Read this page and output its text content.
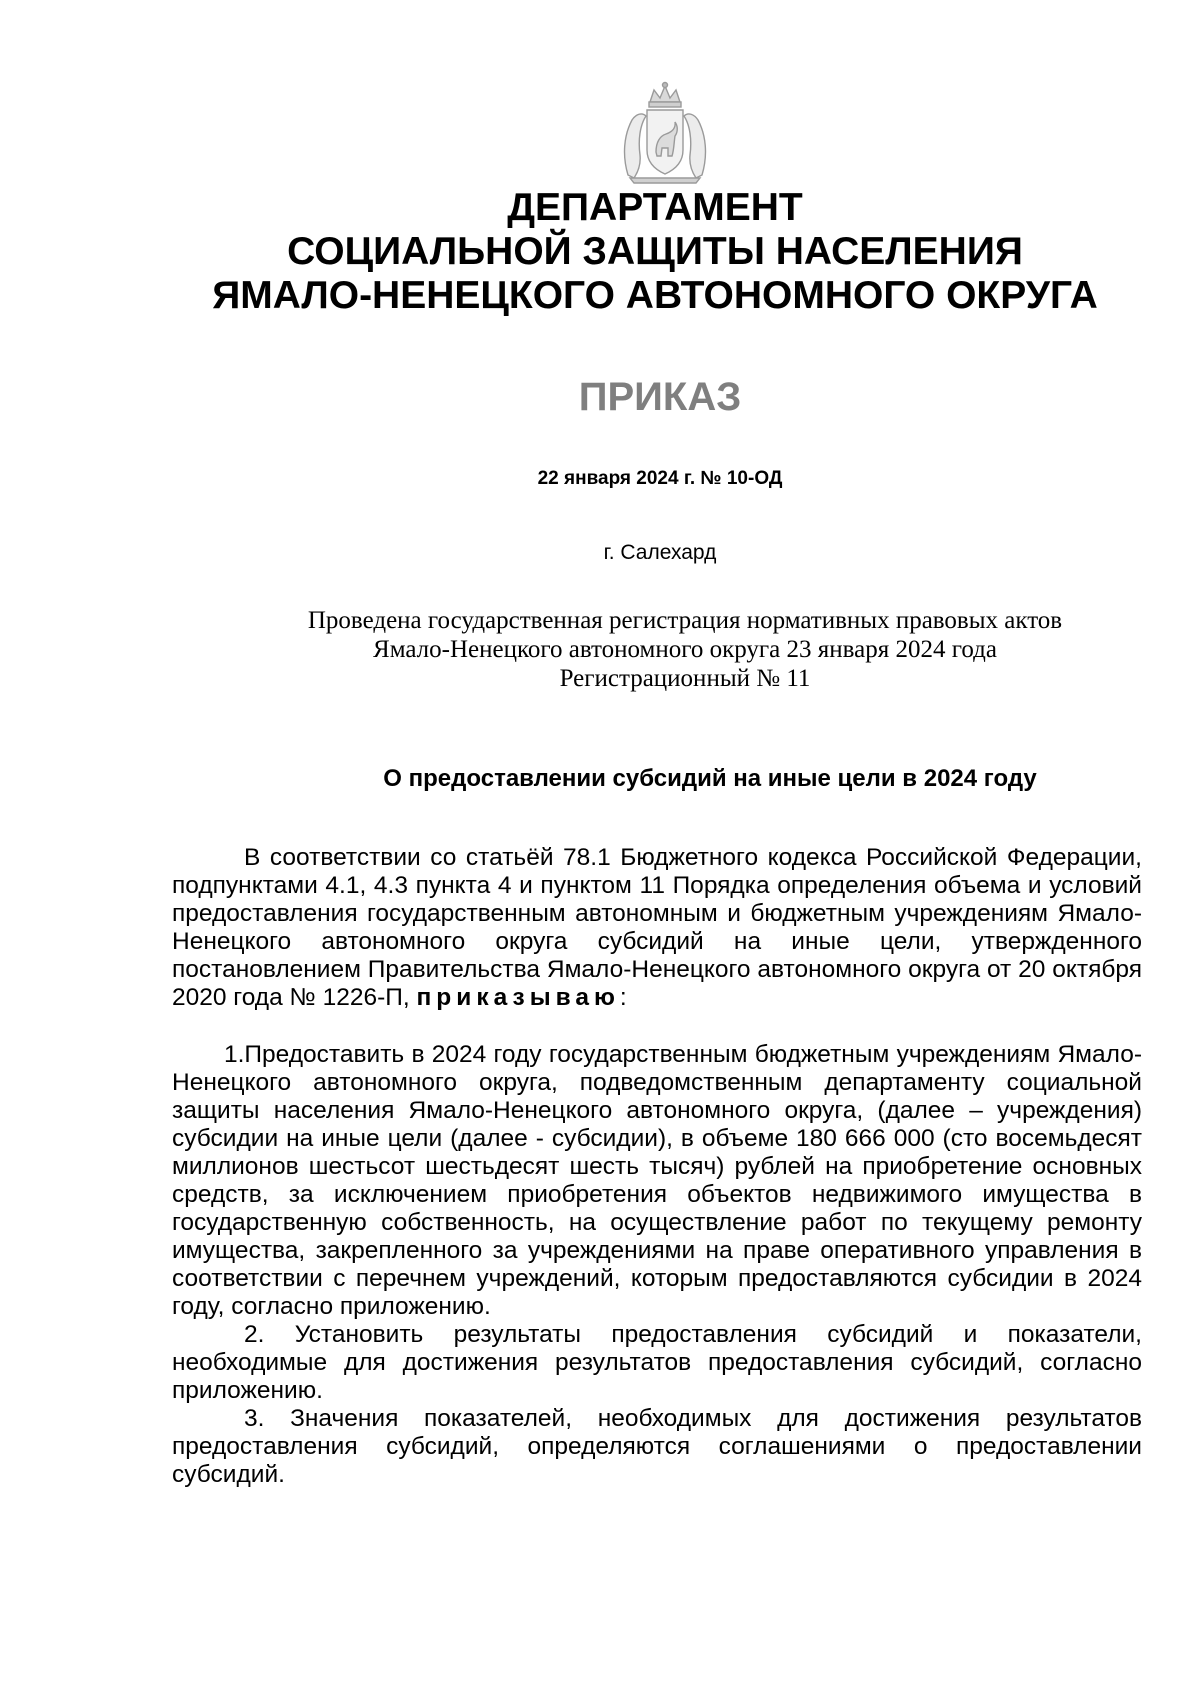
ДЕПАРТАМЕНТ
СОЦИАЛЬНОЙ ЗАЩИТЫ НАСЕЛЕНИЯ
ЯМАЛО-НЕНЕЦКОГО АВТОНОМНОГО ОКРУГА
ПРИКАЗ
22 января 2024 г. № 10-ОД
г. Салехард
Проведена государственная регистрация нормативных правовых актов
Ямало-Ненецкого автономного округа 23 января 2024 года
Регистрационный № 11
О предоставлении субсидий на иные цели в 2024 году

В соответствии со статьёй 78.1 Бюджетного кодекса Российской Федерации, подпунктами 4.1, 4.3 пункта 4 и пунктом 11 Порядка определения объема и условий предоставления государственным автономным и бюджетным учреждениям Ямало-Ненецкого автономного округа субсидий на иные цели, утвержденного постановлением Правительства Ямало-Ненецкого автономного округа от 20 октября 2020 года № 1226-П, приказываю:

1.Предоставить в 2024 году государственным бюджетным учреждениям Ямало-Ненецкого автономного округа, подведомственным департаменту социальной защиты населения Ямало-Ненецкого автономного округа, (далее – учреждения) субсидии на иные цели (далее - субсидии), в объеме 180 666 000 (сто восемьдесят миллионов шестьсот шестьдесят шесть тысяч) рублей на приобретение основных средств, за исключением приобретения объектов недвижимого имущества в государственную собственность, на осуществление работ по текущему ремонту имущества, закрепленного за учреждениями на праве оперативного управления в соответствии с перечнем учреждений, которым предоставляются субсидии в 2024 году, согласно приложению.

2. Установить результаты предоставления субсидий и показатели, необходимые для достижения результатов предоставления субсидий, согласно приложению.

3. Значения показателей, необходимых для достижения результатов предоставления субсидий, определяются соглашениями о предоставлении субсидий.
